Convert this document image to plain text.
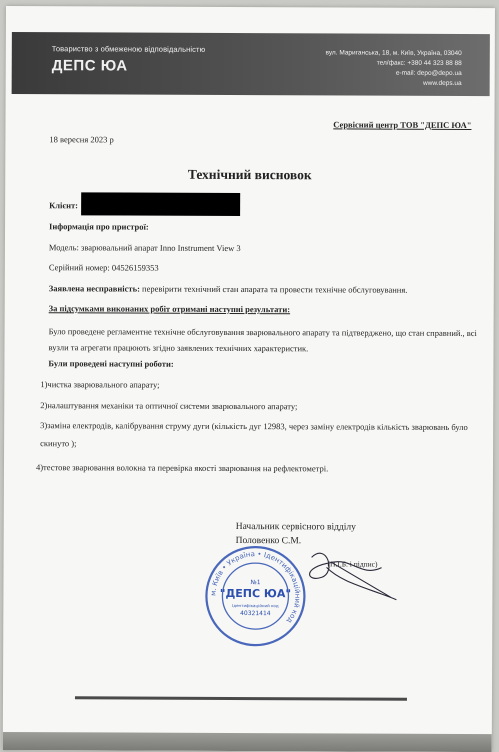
Товариство з обмеженою відповідальністю
ДЕПС ЮА
вул. Мариганська, 18, м. Київ, Україна, 03040
тел/факс: +380 44 323 88 88
e-mail: depo@depo.ua
www.deps.ua
Сервісний центр ТОВ "ДЕПС ЮА"
18 вересня 2023 р
Технічний висновок
Клієнт:
Інформація про пристрої:
Модель: зварювальний апарат Inno Instrument View 3
Серійний номер: 04526159353
Заявлена несправність: перевірити технічний стан апарата та провести технічне обслуговування.
За підсумками виконаних робіт отримані наступні результати:
Було проведене регламентне технічне обслуговування зварювального апарату та підтверджено, що стан справний., всі
вузли та агрегати працюють згідно заявлених технічних характеристик.
Були проведені наступні роботи:
1)чистка зварювального апарату;
2)налаштування механіки та оптичної системи зварювального апарату;
3)заміна електродів, калібрування струму дуги (кількість дуг 12983, через заміну електродів кількість зварювань було
скинуто );
4)тестове зварювання волокна та перевірка якості зварювання на рефлектометрі.
Начальник сервісного відділу
Половенко С.М.
(П.І.Б. і підпис)
м. Київ • Україна • Ідентифікаційний код
№1
"ДЕПС ЮА"
Ідентифікаційний код
40321414
